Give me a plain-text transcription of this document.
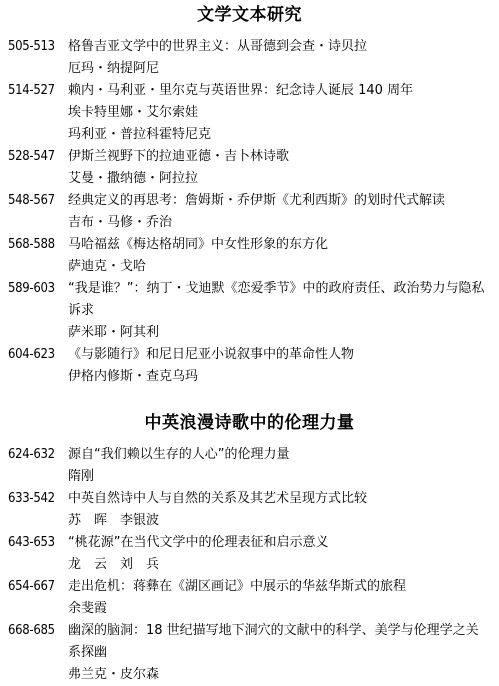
文学文本研究
505-513	格鲁吉亚文学中的世界主义：从哥德到会查・诗贝拉
厄玛・纳提阿尼
514-527	赖内・马利亚・里尔克与英语世界：纪念诗人诞辰 140 周年
埃卡特里娜・艾尔索娃
玛利亚・普拉科霍特尼克
528-547	伊斯兰视野下的拉迪亚德・吉卜林诗歌
艾曼・撒纳德・阿拉拉
548-567	经典定义的再思考：詹姆斯・乔伊斯《尤利西斯》的划时代式解读
吉布・马修・乔治
568-588	马哈福兹《梅达格胡同》中女性形象的东方化
萨迪克・戈哈
589-603	“我是谁？”：纳丁・戈迪默《恋爱季节》中的政府责任、政治势力与隐私诉求
萨米耶・阿其利
604-623	《与影随行》和尼日尼亚小说叙事中的革命性人物
伊格内修斯・查克乌玛
中英浪漫诗歌中的伦理力量
624-632	源自“我们赖以生存的人心”的伦理力量
隋刚
633-542	中英自然诗中人与自然的关系及其艺术呈现方式比较
苏　晖　李银波
643-653	“桃花源”在当代文学中的伦理表征和启示意义
龙　云　刘　兵
654-667	走出危机：蒋彝在《湖区画记》中展示的华兹华斯式的旅程
余斐霞
668-685	幽深的脑洞：18 世纪描写地下洞穴的文献中的科学、美学与伦理学之关系探幽
弗兰克・皮尔森
